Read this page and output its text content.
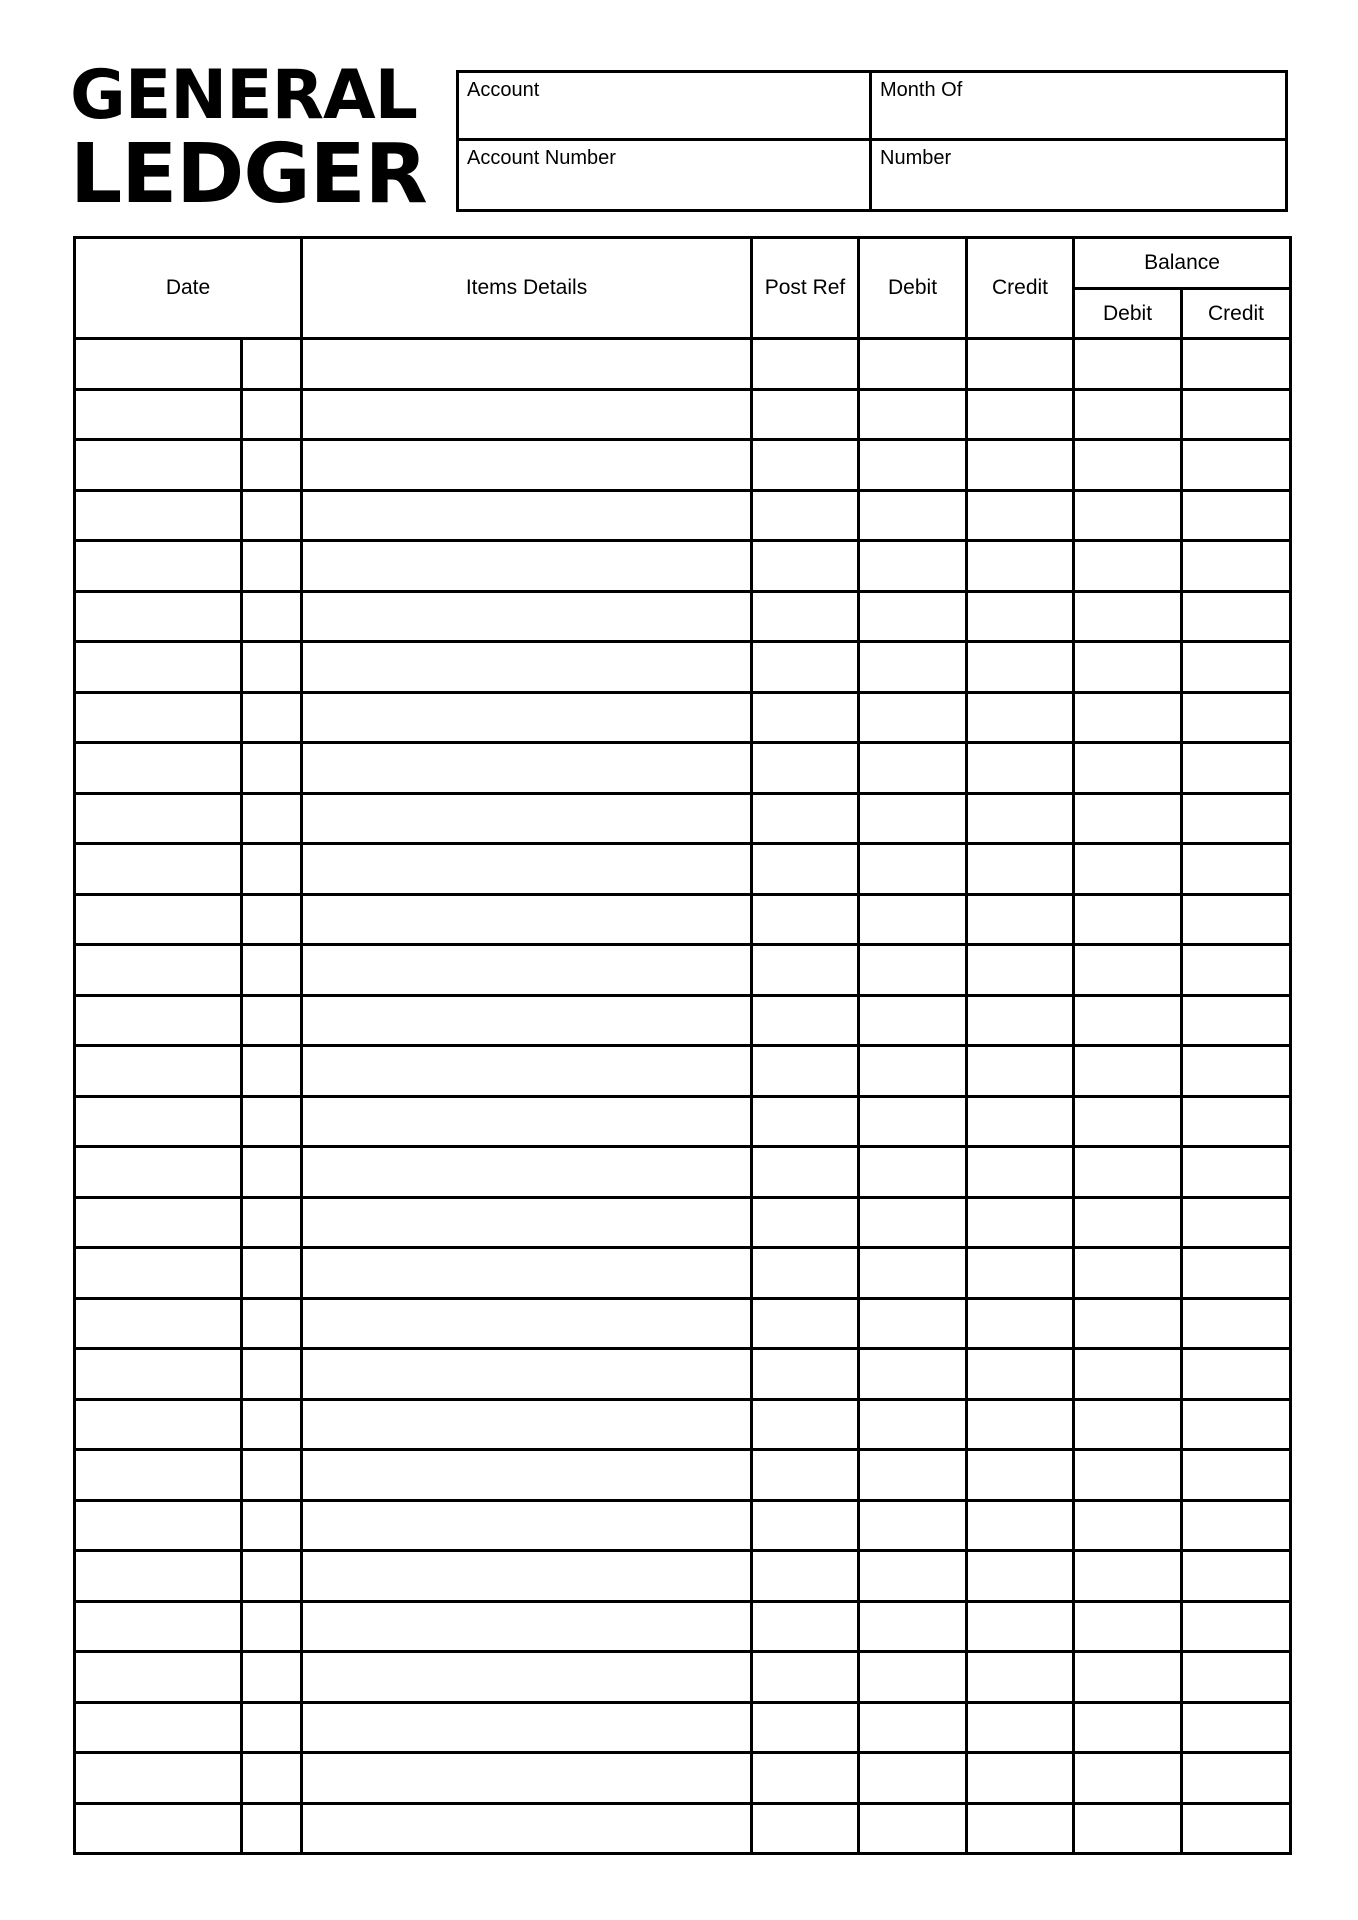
GENERAL
LEDGER
Account	Month Of
Account Number	Number
Date		Items Details	Post Ref	Debit	Credit	Balance	
						Debit	Credit
